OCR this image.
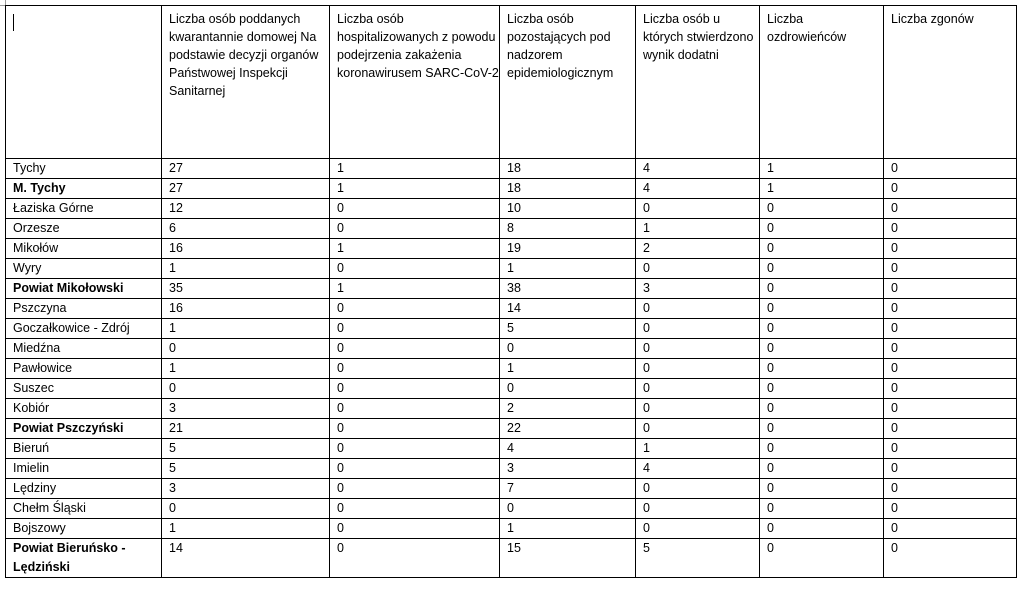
	Liczba osób poddanych kwarantannie domowej Na podstawie decyzji organów Państwowej Inspekcji Sanitarnej	Liczba osób hospitalizowanych z powodu podejrzenia zakażenia koronawirusem SARC-CoV-2	Liczba osób pozostających pod nadzorem epidemiologicznym	Liczba osób u których stwierdzono wynik dodatni	Liczba ozdrowieńców	Liczba zgonów
Tychy	27	1	18	4	1	0
M. Tychy	27	1	18	4	1	0
Łaziska Górne	12	0	10	0	0	0
Orzesze	6	0	8	1	0	0
Mikołów	16	1	19	2	0	0
Wyry	1	0	1	0	0	0
Powiat Mikołowski	35	1	38	3	0	0
Pszczyna	16	0	14	0	0	0
Goczałkowice - Zdrój	1	0	5	0	0	0
Miedźna	0	0	0	0	0	0
Pawłowice	1	0	1	0	0	0
Suszec	0	0	0	0	0	0
Kobiór	3	0	2	0	0	0
Powiat Pszczyński	21	0	22	0	0	0
Bieruń	5	0	4	1	0	0
Imielin	5	0	3	4	0	0
Lędziny	3	0	7	0	0	0
Chełm Śląski	0	0	0	0	0	0
Bojszowy	1	0	1	0	0	0
Powiat Bieruńsko - Lędziński	14	0	15	5	0	0
